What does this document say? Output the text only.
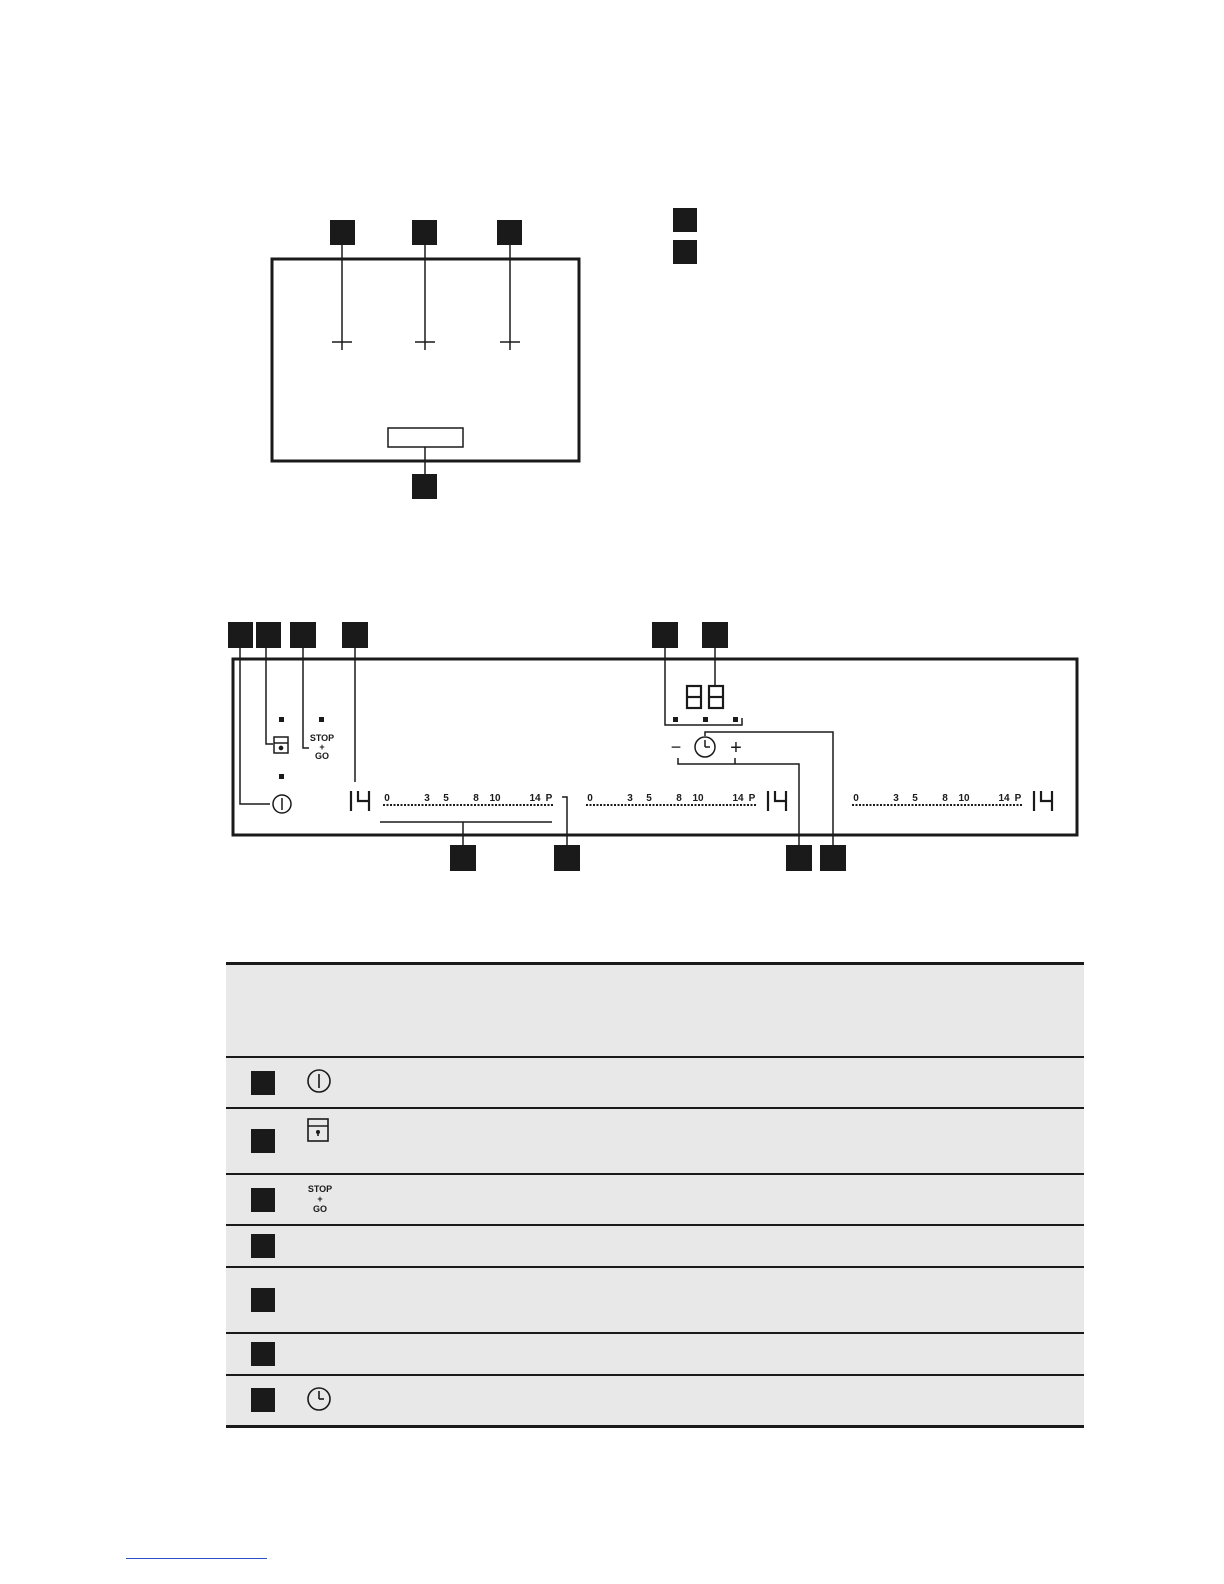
STOP
+
GO	− +
0	3 5 8 10	14 P	0	3 5 8 10	14 P	0	3 5 8 10	14 P
STOP
+
GO
